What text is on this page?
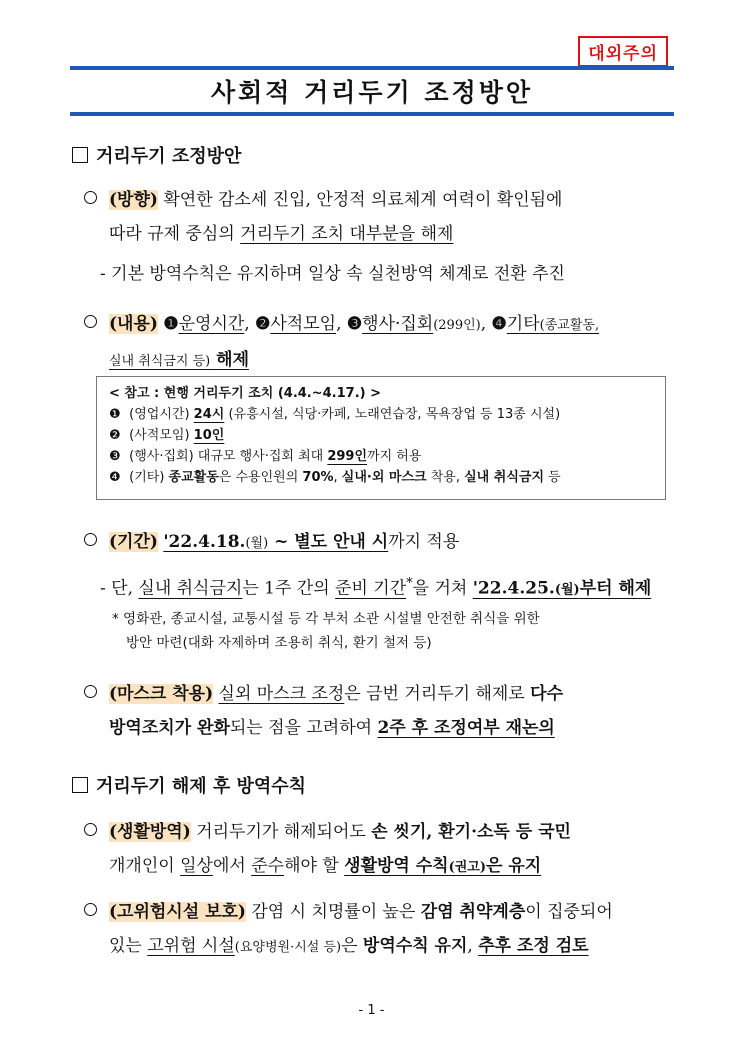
대외주의
사회적 거리두기 조정방안
거리두기 조정방안
(방향) 확연한 감소세 진입, 안정적 의료체계 여력이 확인됨에
따라 규제 중심의 거리두기 조치 대부분을 해제
- 기본 방역수칙은 유지하며 일상 속 실천방역 체계로 전환 추진
(내용) ❶운영시간, ❷사적모임, ❸행사·집회(299인), ❹기타(종교활동,
실내 취식금지 등) 해제
< 참고 : 현행 거리두기 조치 (4.4.~4.17.) >
❶ (영업시간) 24시 (유흥시설, 식당·카페, 노래연습장, 목욕장업 등 13종 시설)
❷ (사적모임) 10인
❸ (행사·집회) 대규모 행사·집회 최대 299인까지 허용
❹ (기타) 종교활동은 수용인원의 70%, 실내·외 마스크 착용, 실내 취식금지 등
(기간) '22.4.18.(월) ~ 별도 안내 시까지 적용
- 단, 실내 취식금지는 1주 간의 준비 기간*을 거쳐 '22.4.25.(월)부터 해제
* 영화관, 종교시설, 교통시설 등 각 부처 소관 시설별 안전한 취식을 위한
방안 마련(대화 자제하며 조용히 취식, 환기 철저 등)
(마스크 착용) 실외 마스크 조정은 금번 거리두기 해제로 다수
방역조치가 완화되는 점을 고려하여 2주 후 조정여부 재논의
거리두기 해제 후 방역수칙
(생활방역) 거리두기가 해제되어도 손 씻기, 환기·소독 등 국민
개개인이 일상에서 준수해야 할 생활방역 수칙(권고)은 유지
(고위험시설 보호) 감염 시 치명률이 높은 감염 취약계층이 집중되어
있는 고위험 시설(요양병원·시설 등)은 방역수칙 유지, 추후 조정 검토
- 1 -
